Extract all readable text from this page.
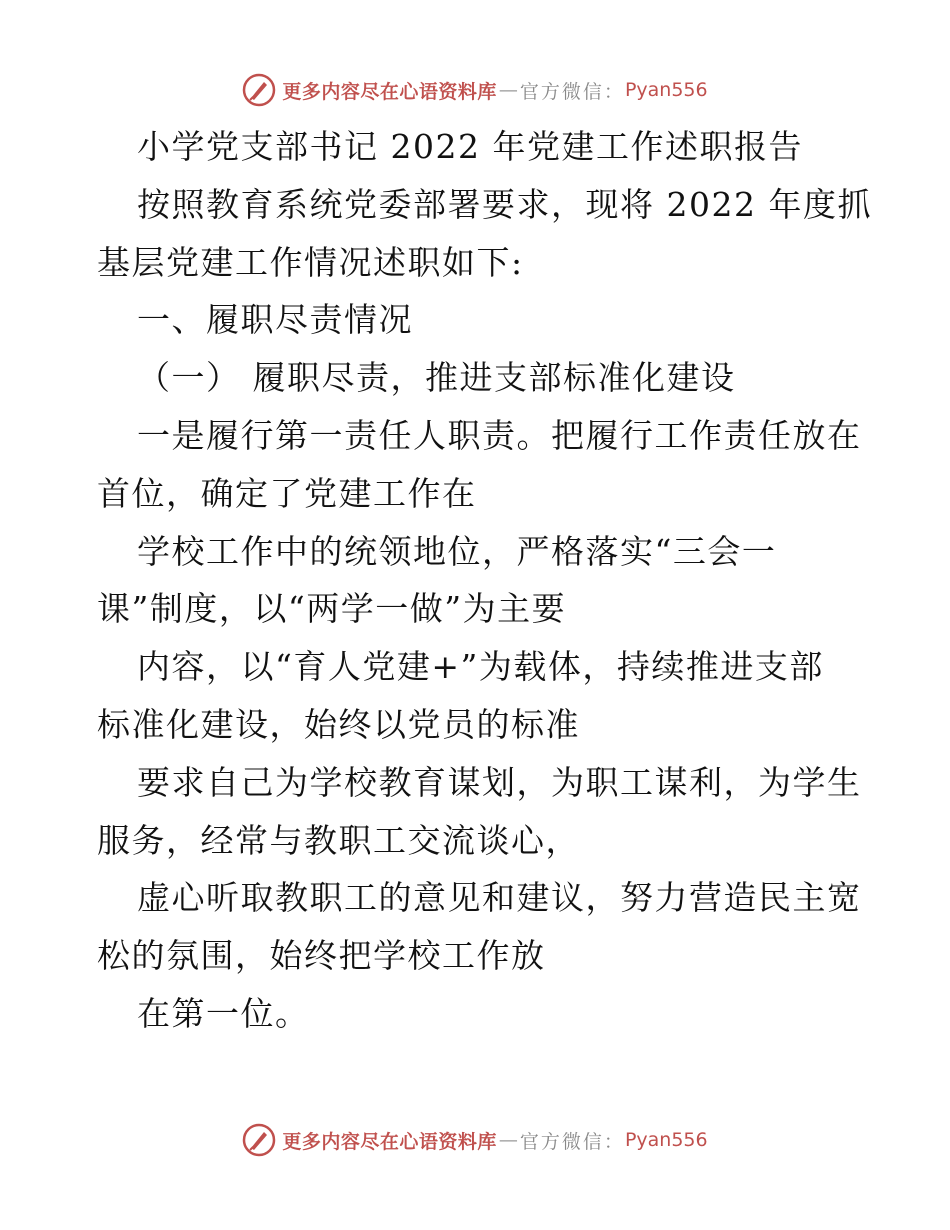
更多内容尽在心语资料库 — 官方微信： Pyan556
小学党支部书记 2022 年党建工作述职报告
按照教育系统党委部署要求，现将 2022 年度抓
基层党建工作情况述职如下:
一、履职尽责情况
（一） 履职尽责，推进支部标准化建设
一是履行第一责任人职责。把履行工作责任放在
首位，确定了党建工作在
学校工作中的统领地位，严格落实“三会一
课”制度，以“两学一做”为主要
内容，以“育人党建+”为载体，持续推进支部
标准化建设，始终以党员的标准
要求自己为学校教育谋划，为职工谋利，为学生
服务，经常与教职工交流谈心，
虚心听取教职工的意见和建议，努力营造民主宽
松的氛围，始终把学校工作放
在第一位。
更多内容尽在心语资料库 — 官方微信： Pyan556
